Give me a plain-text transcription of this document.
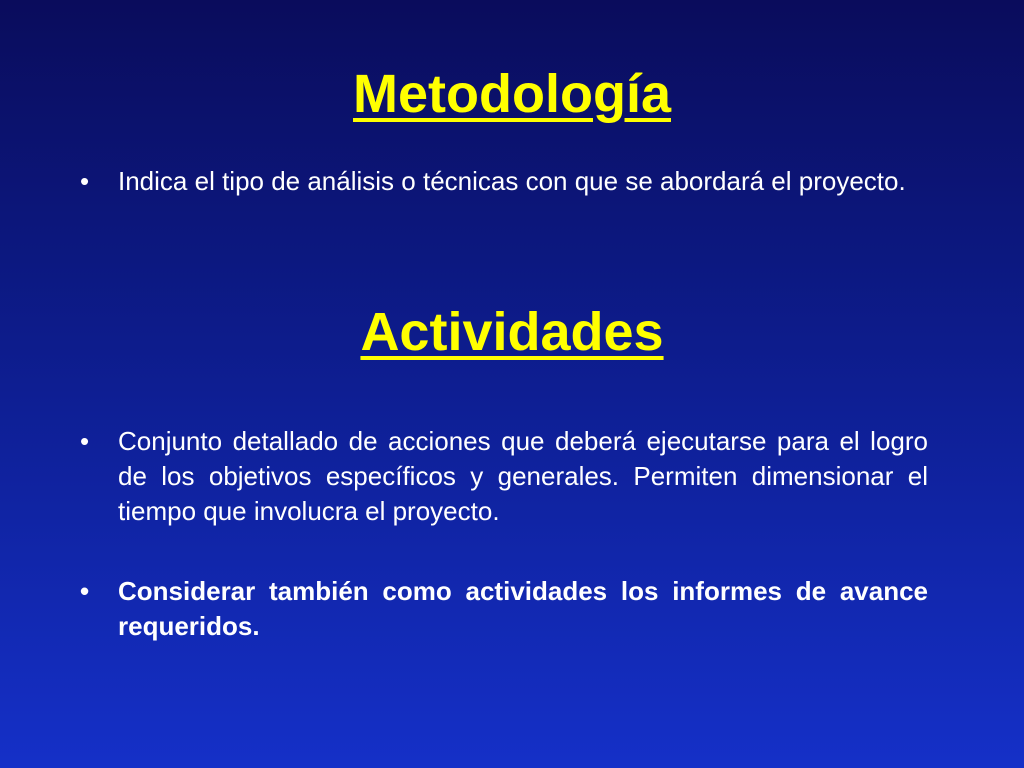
Metodología
• Indica el tipo de análisis o técnicas con que se abordará el proyecto.
Actividades
• Conjunto detallado de acciones que deberá ejecutarse para el logro de los objetivos específicos y generales. Permiten dimensionar el tiempo que involucra el proyecto.
• Considerar también como actividades los informes de avance requeridos.
